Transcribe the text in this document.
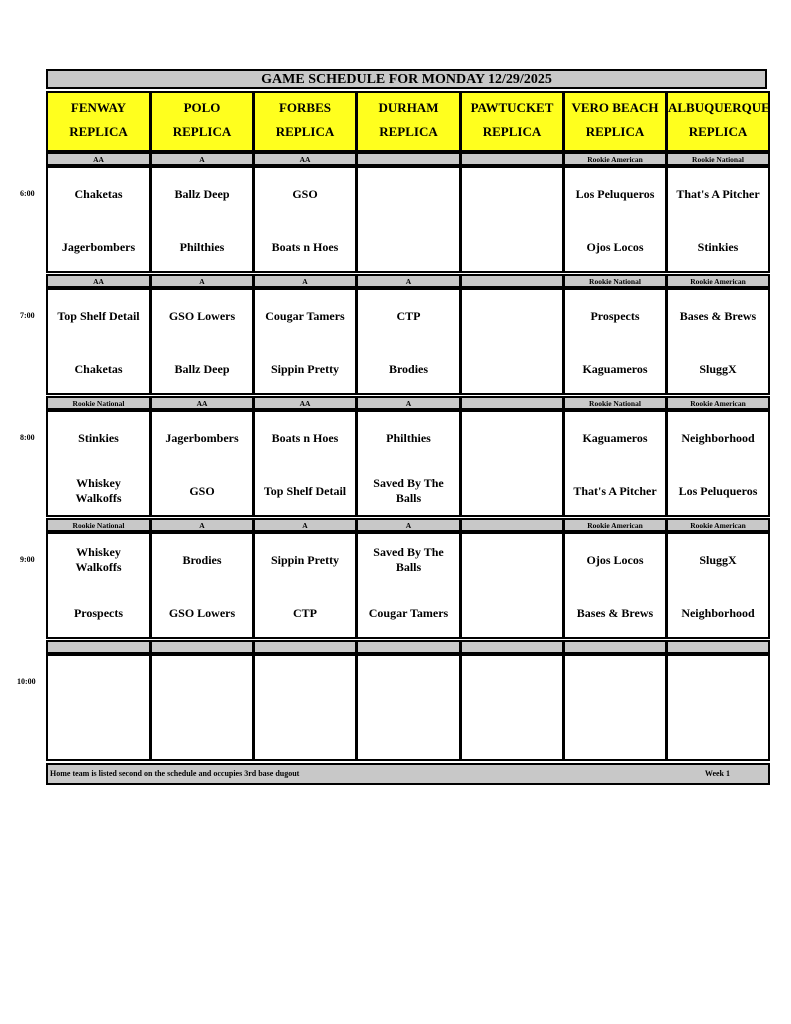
GAME SCHEDULE FOR MONDAY 12/29/2025
FENWAY
REPLICA
POLO
REPLICA
FORBES
REPLICA
DURHAM
REPLICA
PAWTUCKET
REPLICA
VERO BEACH
REPLICA
ALBUQUERQUE
REPLICA
AA
Chaketas
Jagerbombers
A
Ballz Deep
Philthies
AA
GSO
Boats n Hoes
Rookie American
Los Peluqueros
Ojos Locos
Rookie National
That's A Pitcher
Stinkies
AA
Top Shelf Detail
Chaketas
A
GSO Lowers
Ballz Deep
A
Cougar Tamers
Sippin Pretty
A
CTP
Brodies
Rookie National
Prospects
Kaguameros
Rookie American
Bases & Brews
SluggX
Rookie National
Stinkies
Whiskey Walkoffs
AA
Jagerbombers
GSO
AA
Boats n Hoes
Top Shelf Detail
A
Philthies
Saved By The Balls
Rookie National
Kaguameros
That's A Pitcher
Rookie American
Neighborhood
Los Peluqueros
Rookie National
Whiskey Walkoffs
Prospects
A
Brodies
GSO Lowers
A
Sippin Pretty
CTP
A
Saved By The Balls
Cougar Tamers
Rookie American
Ojos Locos
Bases & Brews
Rookie American
SluggX
Neighborhood
Home team is listed second on the schedule and occupies 3rd base dugout	Week 1
6:00
7:00
8:00
9:00
10:00
